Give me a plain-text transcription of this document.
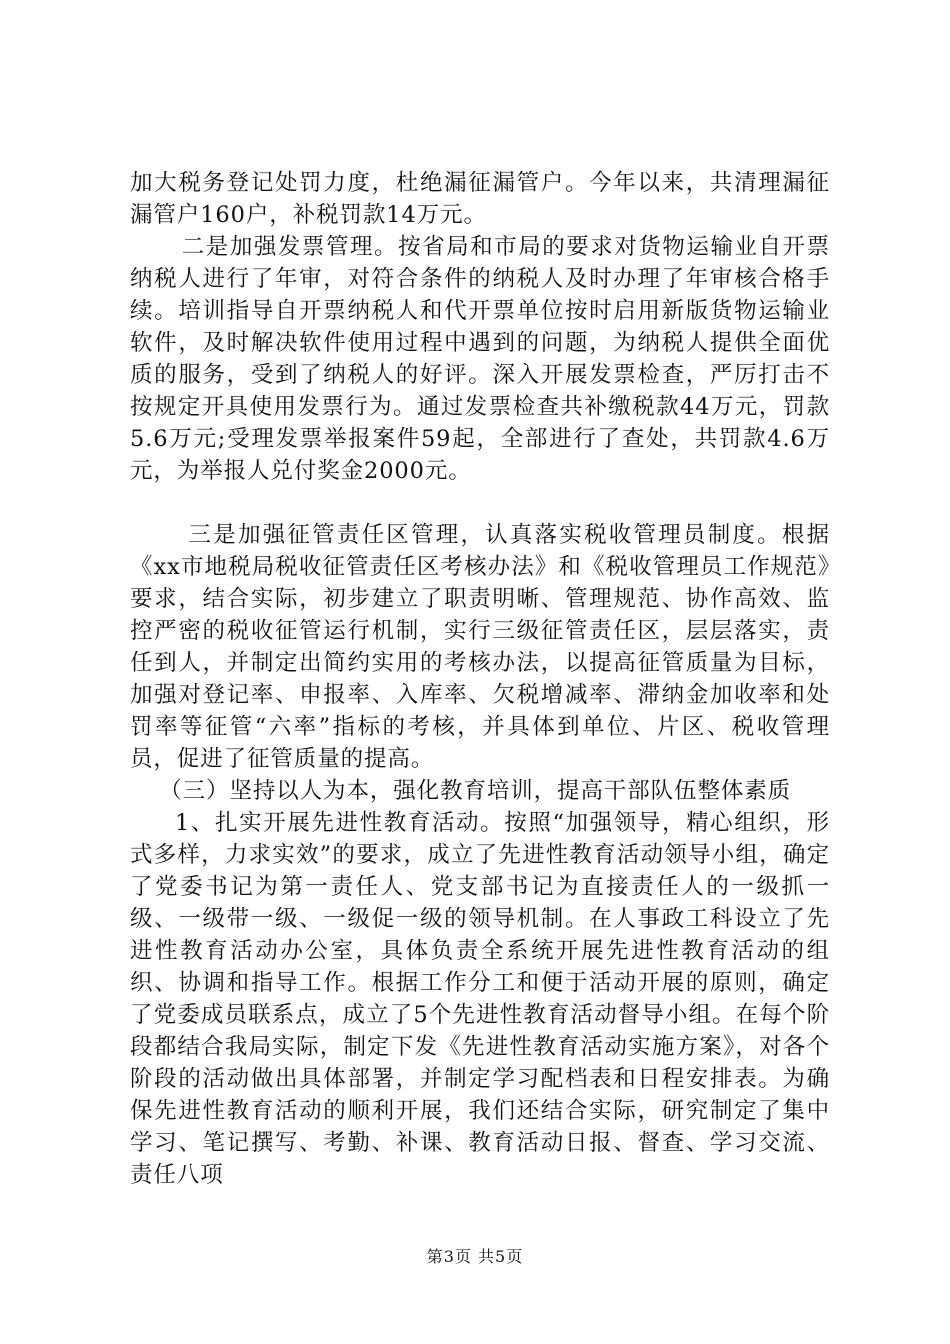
加大税务登记处罚力度，杜绝漏征漏管户。今年以来，共清理漏征漏管户160户，补税罚款14万元。

二是加强发票管理。按省局和市局的要求对货物运输业自开票纳税人进行了年审，对符合条件的纳税人及时办理了年审核合格手续。培训指导自开票纳税人和代开票单位按时启用新版货物运输业软件，及时解决软件使用过程中遇到的问题，为纳税人提供全面优质的服务，受到了纳税人的好评。深入开展发票检查，严厉打击不按规定开具使用发票行为。通过发票检查共补缴税款44万元，罚款5.6万元;受理发票举报案件59起，全部进行了查处，共罚款4.6万元，为举报人兑付奖金2000元。

三是加强征管责任区管理，认真落实税收管理员制度。根据《xx市地税局税收征管责任区考核办法》和《税收管理员工作规范》要求，结合实际，初步建立了职责明晰、管理规范、协作高效、监控严密的税收征管运行机制，实行三级征管责任区，层层落实，责任到人，并制定出简约实用的考核办法，以提高征管质量为目标，加强对登记率、申报率、入库率、欠税增减率、滞纳金加收率和处罚率等征管“六率”指标的考核，并具体到单位、片区、税收管理员，促进了征管质量的提高。

（三）坚持以人为本，强化教育培训，提高干部队伍整体素质

1、扎实开展先进性教育活动。按照“加强领导，精心组织，形式多样，力求实效”的要求，成立了先进性教育活动领导小组，确定了党委书记为第一责任人、党支部书记为直接责任人的一级抓一级、一级带一级、一级促一级的领导机制。在人事政工科设立了先进性教育活动办公室，具体负责全系统开展先进性教育活动的组织、协调和指导工作。根据工作分工和便于活动开展的原则，确定了党委成员联系点，成立了5个先进性教育活动督导小组。在每个阶段都结合我局实际，制定下发《先进性教育活动实施方案》，对各个阶段的活动做出具体部署，并制定学习配档表和日程安排表。为确保先进性教育活动的顺利开展，我们还结合实际，研究制定了集中学习、笔记撰写、考勤、补课、教育活动日报、督查、学习交流、责任八项

第3页 共5页
